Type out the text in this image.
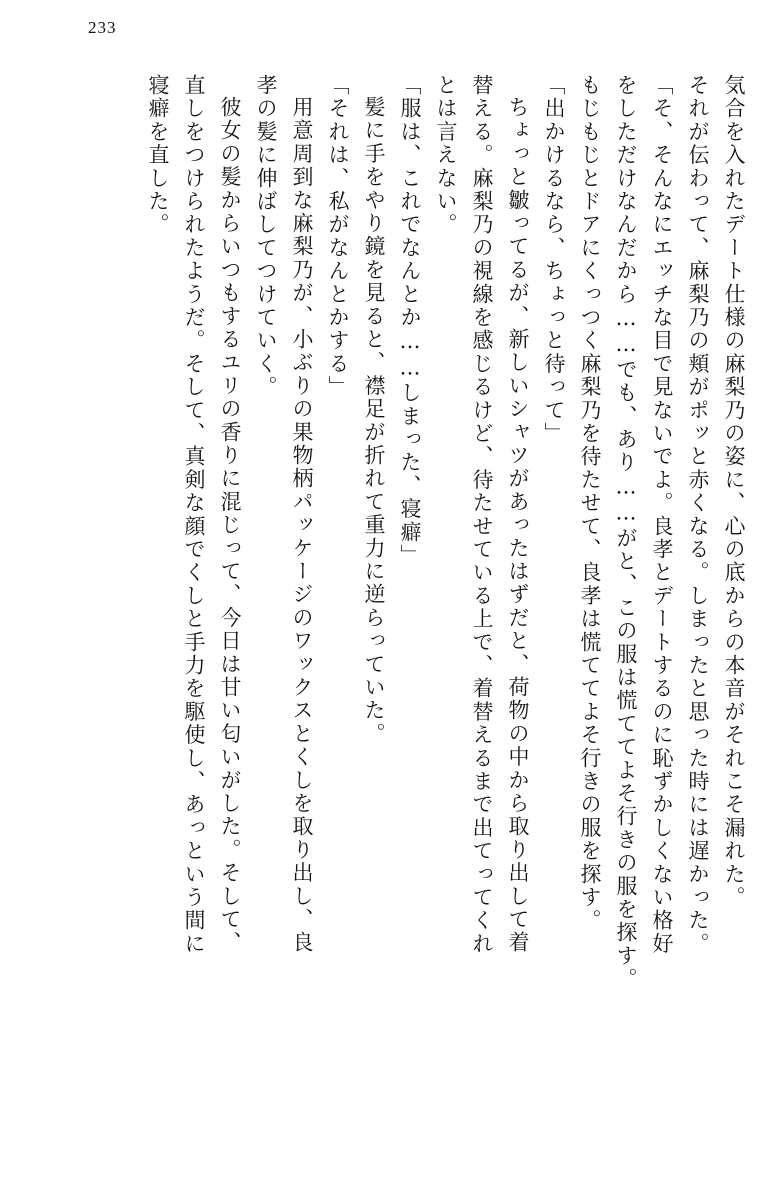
233
気合を入れたデート仕様の麻梨乃の姿に、心の底からの本音がそれこそ漏れた。
それが伝わって、麻梨乃の頬がポッと赤くなる。しまったと思った時には遅かった。
「そ、そんなにエッチな目で見ないでよ。良孝とデートするのに恥ずかしくない格好
をしただけなんだから……でも、あり……がと、この服は慌ててよそ行きの服を探す。
もじもじとドアにくっつく麻梨乃を待たせて、良孝は慌ててよそ行きの服を探す。
「出かけるなら、ちょっと待って」
ちょっと皺ってるが、新しいシャツがあったはずだと、荷物の中から取り出して着
替える。麻梨乃の視線を感じるけど、待たせている上で、着替えるまで出てってくれ
とは言えない。
「服は、これでなんとか……しまった、寝癖」
髪に手をやり鏡を見ると、襟足が折れて重力に逆らっていた。
「それは、私がなんとかする」
用意周到な麻梨乃が、小ぶりの果物柄パッケージのワックスとくしを取り出し、良
孝の髪に伸ばしてつけていく。
彼女の髪からいつもするユリの香りに混じって、今日は甘い匂いがした。そして、
直しをつけられたようだ。そして、真剣な顔でくしと手力を駆使し、あっという間に
寝癖を直した。
